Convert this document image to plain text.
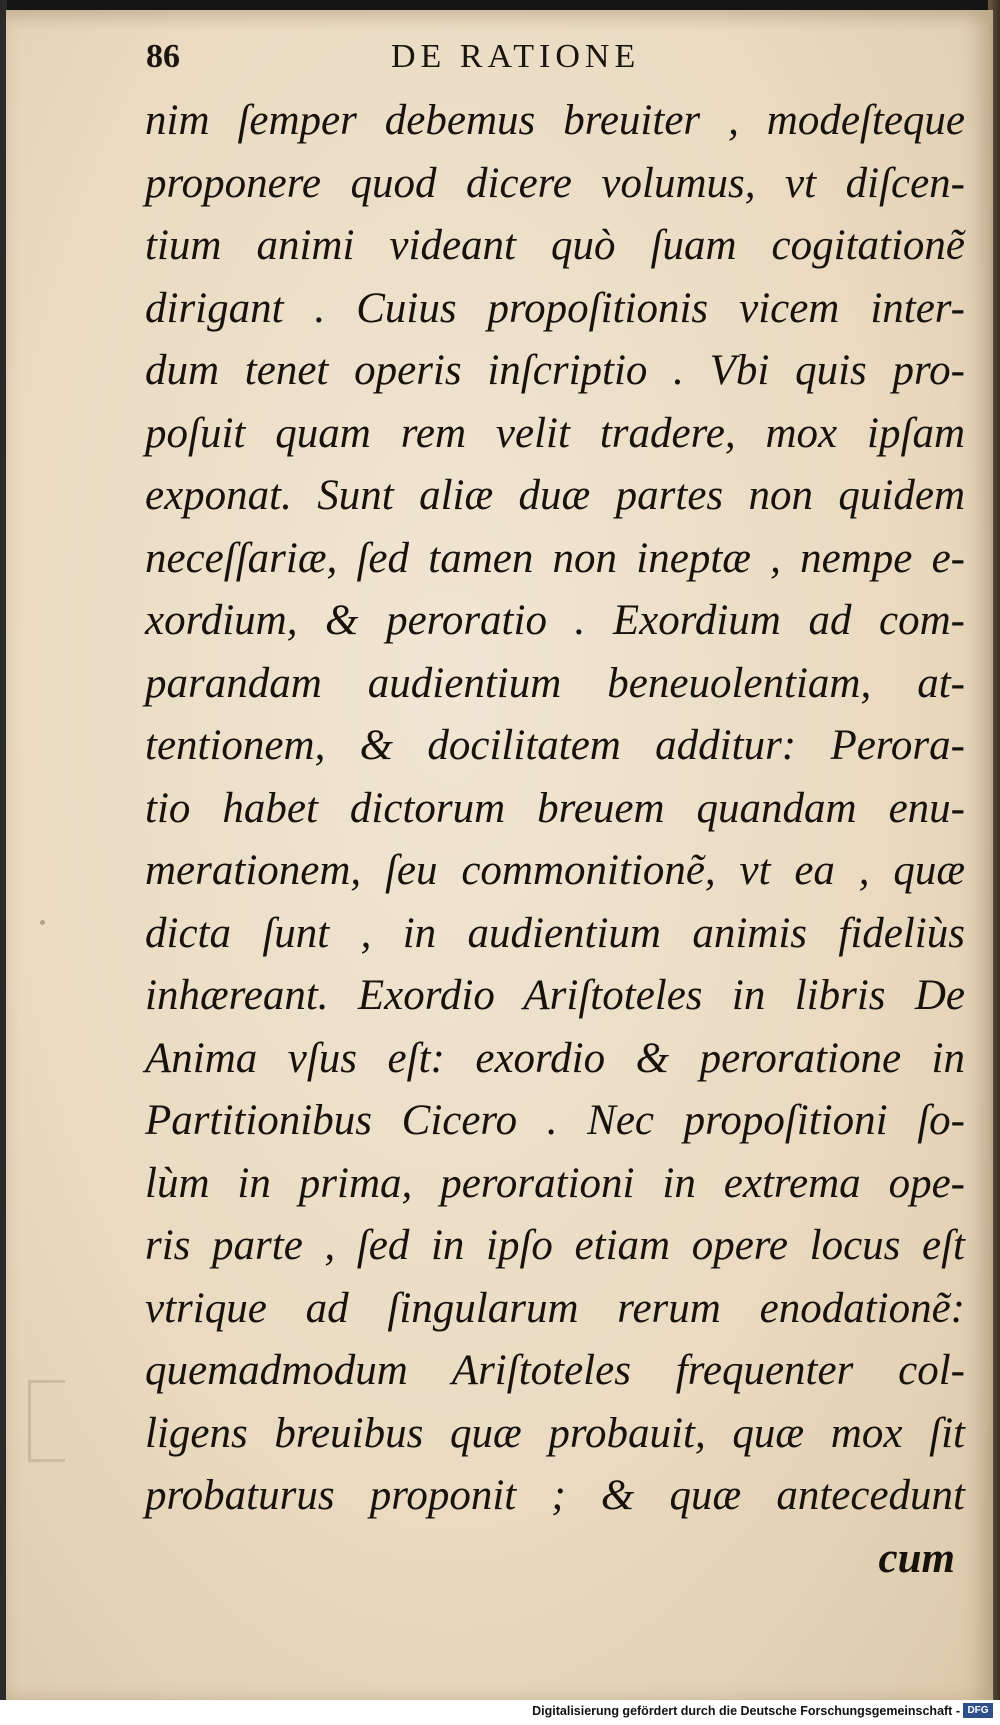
86	DE RATIONE
nim ſemper debemus breuiter , modeſteque
proponere quod dicere volumus, vt diſcen-
tium animi videant quò ſuam cogitationẽ
dirigant . Cuius propoſitionis vicem inter-
dum tenet operis inſcriptio . Vbi quis pro-
poſuit quam rem velit tradere, mox ipſam
exponat. Sunt aliæ duæ partes non quidem
neceſſariæ, ſed tamen non ineptæ , nempe e-
xordium, & peroratio . Exordium ad com-
parandam audientium beneuolentiam, at-
tentionem, & docilitatem additur: Perora-
tio habet dictorum breuem quandam enu-
merationem, ſeu commonitionẽ, vt ea , quæ
dicta ſunt , in audientium animis fideliùs
inhæreant. Exordio Ariſtoteles in libris De
Anima vſus eſt: exordio & peroratione in
Partitionibus Cicero . Nec propoſitioni ſo-
lùm in prima, perorationi in extrema ope-
ris parte , ſed in ipſo etiam opere locus eſt
vtrique ad ſingularum rerum enodationẽ:
quemadmodum Ariſtoteles frequenter col-
ligens breuibus quæ probauit, quæ mox ſit
probaturus proponit ; & quæ antecedunt
cum
Digitalisierung gefördert durch die Deutsche Forschungsgemeinschaft - DFG
